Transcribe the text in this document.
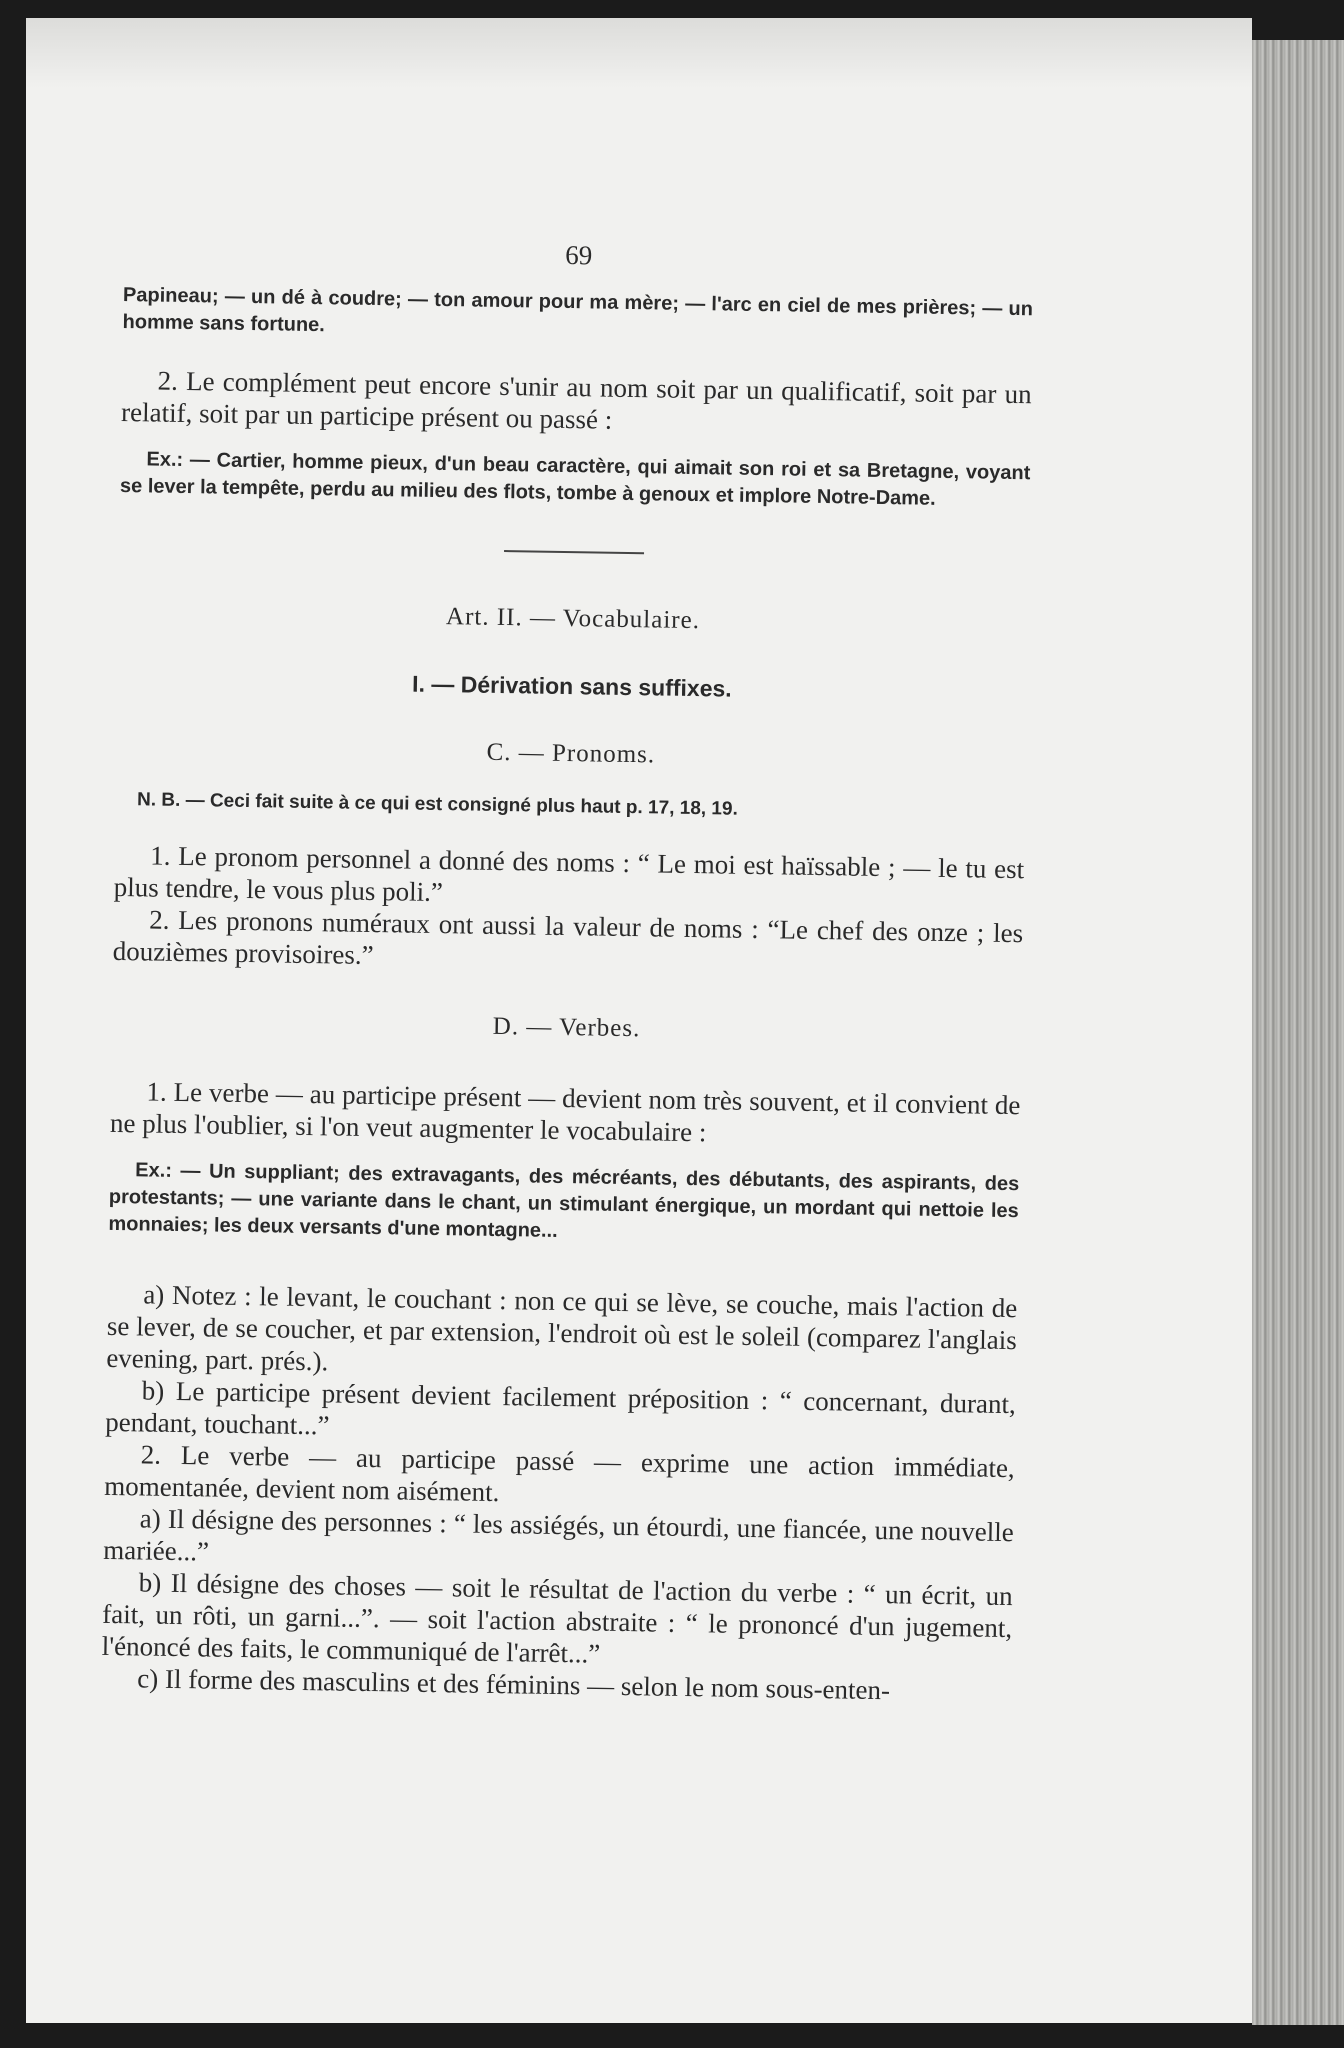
69

Papineau; — un dé à coudre; — ton amour pour ma mère; — l'arc en ciel de mes prières; — un homme sans fortune.

2. Le complément peut encore s'unir au nom soit par un qualificatif, soit par un relatif, soit par un participe présent ou passé :

Ex.: — Cartier, homme pieux, d'un beau caractère, qui aimait son roi et sa Bretagne, voyant se lever la tempête, perdu au milieu des flots, tombe à genoux et implore Notre-Dame.

Art. II. — Vocabulaire.
I. — Dérivation sans suffixes.
C. — Pronoms.

N. B. — Ceci fait suite à ce qui est consigné plus haut p. 17, 18, 19.

1. Le pronom personnel a donné des noms : “ Le moi est haïssable ; — le tu est plus tendre, le vous plus poli.”

2. Les pronons numéraux ont aussi la valeur de noms : “Le chef des onze ; les douzièmes provisoires.”

D. — Verbes.

1. Le verbe — au participe présent — devient nom très souvent, et il convient de ne plus l'oublier, si l'on veut augmenter le vocabulaire :

Ex.: — Un suppliant; des extravagants, des mécréants, des débutants, des aspirants, des protestants; — une variante dans le chant, un stimulant énergique, un mordant qui nettoie les monnaies; les deux versants d'une montagne...

a) Notez : le levant, le couchant : non ce qui se lève, se couche, mais l'action de se lever, de se coucher, et par extension, l'endroit où est le soleil (comparez l'anglais evening, part. prés.).

b) Le participe présent devient facilement préposition : “ concernant, durant, pendant, touchant...”

2. Le verbe — au participe passé — exprime une action immédiate, momentanée, devient nom aisément.

a) Il désigne des personnes : “ les assiégés, un étourdi, une fiancée, une nouvelle mariée...”

b) Il désigne des choses — soit le résultat de l'action du verbe : “ un écrit, un fait, un rôti, un garni...”. — soit l'action abstraite : “ le prononcé d'un jugement, l'énoncé des faits, le communiqué de l'arrêt...”

c) Il forme des masculins et des féminins — selon le nom sous-enten-
